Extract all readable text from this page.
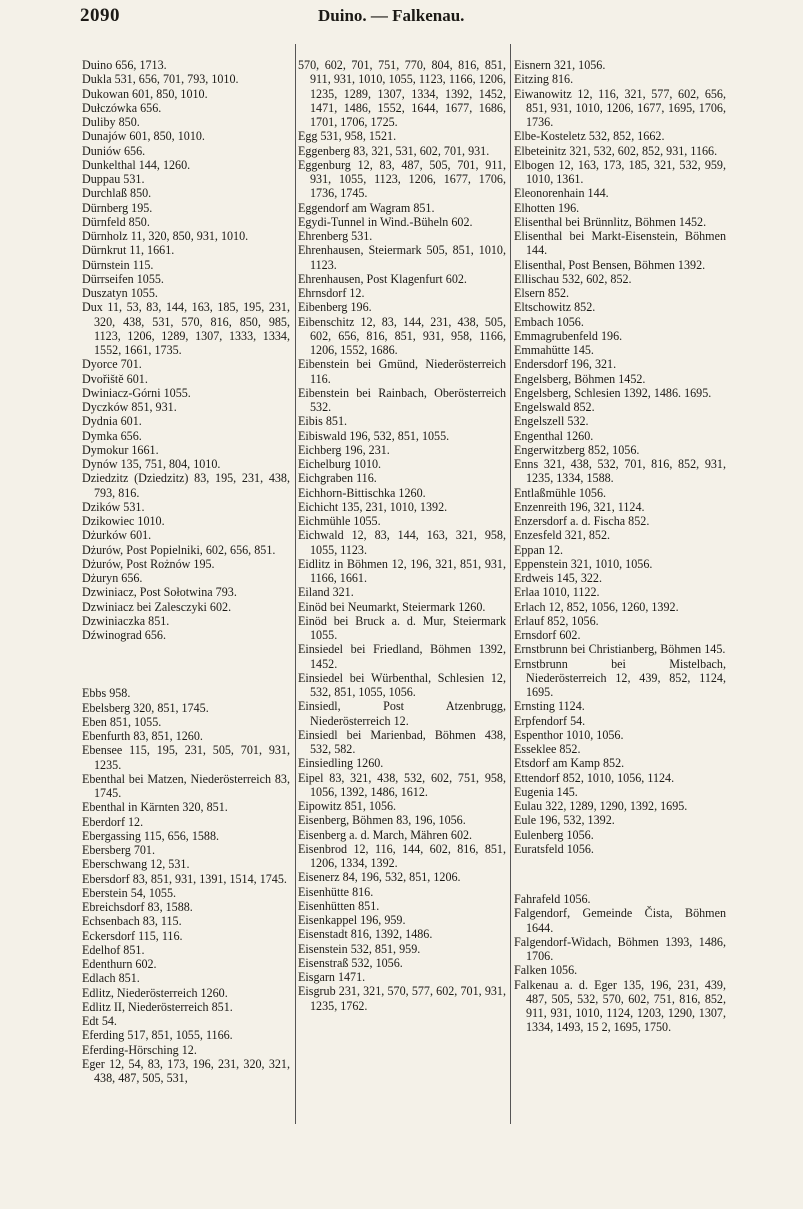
2090	Duino. — Falkenau.
Duino 656, 1713.
Dukla 531, 656, 701, 793, 1010.
Dukowan 601, 850, 1010.
Dułczówka 656.
Duliby 850.
Dunajów 601, 850, 1010.
Duniów 656.
Dunkelthal 144, 1260.
Duppau 531.
Durchlaß 850.
Dürnberg 195.
Dürnfeld 850.
Dürnholz 11, 320, 850, 931, 1010.
Dürnkrut 11, 1661.
Dürnstein 115.
Dürrseifen 1055.
Duszatyn 1055.
Dux 11, 53, 83, 144, 163, 185, 195, 231, 320, 438, 531, 570, 816, 850, 985, 1123, 1206, 1289, 1307, 1333, 1334, 1552, 1661, 1735.
Dyorce 701.
Dvořiště 601.
Dwiniacz-Górni 1055.
Dyczków 851, 931.
Dydnia 601.
Dymka 656.
Dymokur 1661.
Dynów 135, 751, 804, 1010.
Dziedzitz (Dziedzitz) 83, 195, 231, 438, 793, 816.
Dzików 531.
Dzikowiec 1010.
Dżurków 601.
Dżurów, Post Popielniki, 602, 656, 851.
Dżurów, Post Rożnów 195.
Dżuryn 656.
Dzwiniacz, Post Sołotwina 793.
Dzwiniacz bei Zalesczyki 602.
Dzwiniaczka 851.
Dźwinograd 656.
Ebbs 958.
Ebelsberg 320, 851, 1745.
Eben 851, 1055.
Ebenfurth 83, 851, 1260.
Ebensee 115, 195, 231, 505, 701, 931, 1235.
Ebenthal bei Matzen, Niederösterreich 83, 1745.
Ebenthal in Kärnten 320, 851.
Eberdorf 12.
Ebergassing 115, 656, 1588.
Ebersberg 701.
Eberschwang 12, 531.
Ebersdorf 83, 851, 931, 1391, 1514, 1745.
Eberstein 54, 1055.
Ebreichsdorf 83, 1588.
Echsenbach 83, 115.
Eckersdorf 115, 116.
Edelhof 851.
Edenthurn 602.
Edlach 851.
Edlitz, Niederösterreich 1260.
Edlitz II, Niederösterreich 851.
Edt 54.
Eferding 517, 851, 1055, 1166.
Eferding-Hörsching 12.
Eger 12, 54, 83, 173, 196, 231, 320, 321, 438, 487, 505, 531,
570, 602, 701, 751, 770, 804, 816, 851, 911, 931, 1010, 1055, 1123, 1166, 1206, 1235, 1289, 1307, 1334, 1392, 1452, 1471, 1486, 1552, 1644, 1677, 1686, 1701, 1706, 1725.
Egg 531, 958, 1521.
Eggenberg 83, 321, 531, 602, 701, 931.
Eggenburg 12, 83, 487, 505, 701, 911, 931, 1055, 1123, 1206, 1677, 1706, 1736, 1745.
Eggendorf am Wagram 851.
Egydi-Tunnel in Wind.-Büheln 602.
Ehrenberg 531.
Ehrenhausen, Steiermark 505, 851, 1010, 1123.
Ehrenhausen, Post Klagenfurt 602.
Ehrnsdorf 12.
Eibenberg 196.
Eibenschitz 12, 83, 144, 231, 438, 505, 602, 656, 816, 851, 931, 958, 1166, 1206, 1552, 1686.
Eibenstein bei Gmünd, Niederösterreich 116.
Eibenstein bei Rainbach, Oberösterreich 532.
Eibis 851.
Eibiswald 196, 532, 851, 1055.
Eichberg 196, 231.
Eichelburg 1010.
Eichgraben 116.
Eichhorn-Bittischka 1260.
Eichicht 135, 231, 1010, 1392.
Eichmühle 1055.
Eichwald 12, 83, 144, 163, 321, 958, 1055, 1123.
Eidlitz in Böhmen 12, 196, 321, 851, 931, 1166, 1661.
Eiland 321.
Einöd bei Neumarkt, Steiermark 1260.
Einöd bei Bruck a. d. Mur, Steiermark 1055.
Einsiedel bei Friedland, Böhmen 1392, 1452.
Einsiedel bei Würbenthal, Schlesien 12, 532, 851, 1055, 1056.
Einsiedl, Post Atzenbrugg, Niederösterreich 12.
Einsiedl bei Marienbad, Böhmen 438, 532, 582.
Einsiedling 1260.
Eipel 83, 321, 438, 532, 602, 751, 958, 1056, 1392, 1486, 1612.
Eipowitz 851, 1056.
Eisenberg, Böhmen 83, 196, 1056.
Eisenberg a. d. March, Mähren 602.
Eisenbrod 12, 116, 144, 602, 816, 851, 1206, 1334, 1392.
Eisenerz 84, 196, 532, 851, 1206.
Eisenhütte 816.
Eisenhütten 851.
Eisenkappel 196, 959.
Eisenstadt 816, 1392, 1486.
Eisenstein 532, 851, 959.
Eisenstraß 532, 1056.
Eisgarn 1471.
Eisgrub 231, 321, 570, 577, 602, 701, 931, 1235, 1762.
Eisnern 321, 1056.
Eitzing 816.
Eiwanowitz 12, 116, 321, 577, 602, 656, 851, 931, 1010, 1206, 1677, 1695, 1706, 1736.
Elbe-Kosteletz 532, 852, 1662.
Elbeteinitz 321, 532, 602, 852, 931, 1166.
Elbogen 12, 163, 173, 185, 321, 532, 959, 1010, 1361.
Eleonorenhain 144.
Elhotten 196.
Elisenthal bei Brünnlitz, Böhmen 1452.
Elisenthal bei Markt-Eisenstein, Böhmen 144.
Elisenthal, Post Bensen, Böhmen 1392.
Ellischau 532, 602, 852.
Elsern 852.
Eltschowitz 852.
Embach 1056.
Emmagrubenfeld 196.
Emmahütte 145.
Endersdorf 196, 321.
Engelsberg, Böhmen 1452.
Engelsberg, Schlesien 1392, 1486. 1695.
Engelswald 852.
Engelszell 532.
Engenthal 1260.
Engerwitzberg 852, 1056.
Enns 321, 438, 532, 701, 816, 852, 931, 1235, 1334, 1588.
Entlaßmühle 1056.
Enzenreith 196, 321, 1124.
Enzersdorf a. d. Fischa 852.
Enzesfeld 321, 852.
Eppan 12.
Eppenstein 321, 1010, 1056.
Erdweis 145, 322.
Erlaa 1010, 1122.
Erlach 12, 852, 1056, 1260, 1392.
Erlauf 852, 1056.
Ernsdorf 602.
Ernstbrunn bei Christianberg, Böhmen 145.
Ernstbrunn bei Mistelbach, Niederösterreich 12, 439, 852, 1124, 1695.
Ernsting 1124.
Erpfendorf 54.
Espenthor 1010, 1056.
Esseklee 852.
Etsdorf am Kamp 852.
Ettendorf 852, 1010, 1056, 1124.
Eugenia 145.
Eulau 322, 1289, 1290, 1392, 1695.
Eule 196, 532, 1392.
Eulenberg 1056.
Euratsfeld 1056.
Fahrafeld 1056.
Falgendorf, Gemeinde Čista, Böhmen 1644.
Falgendorf-Widach, Böhmen 1393, 1486, 1706.
Falken 1056.
Falkenau a. d. Eger 135, 196, 231, 439, 487, 505, 532, 570, 602, 751, 816, 852, 911, 931, 1010, 1124, 1203, 1290, 1307, 1334, 1493, 15 2, 1695, 1750.
